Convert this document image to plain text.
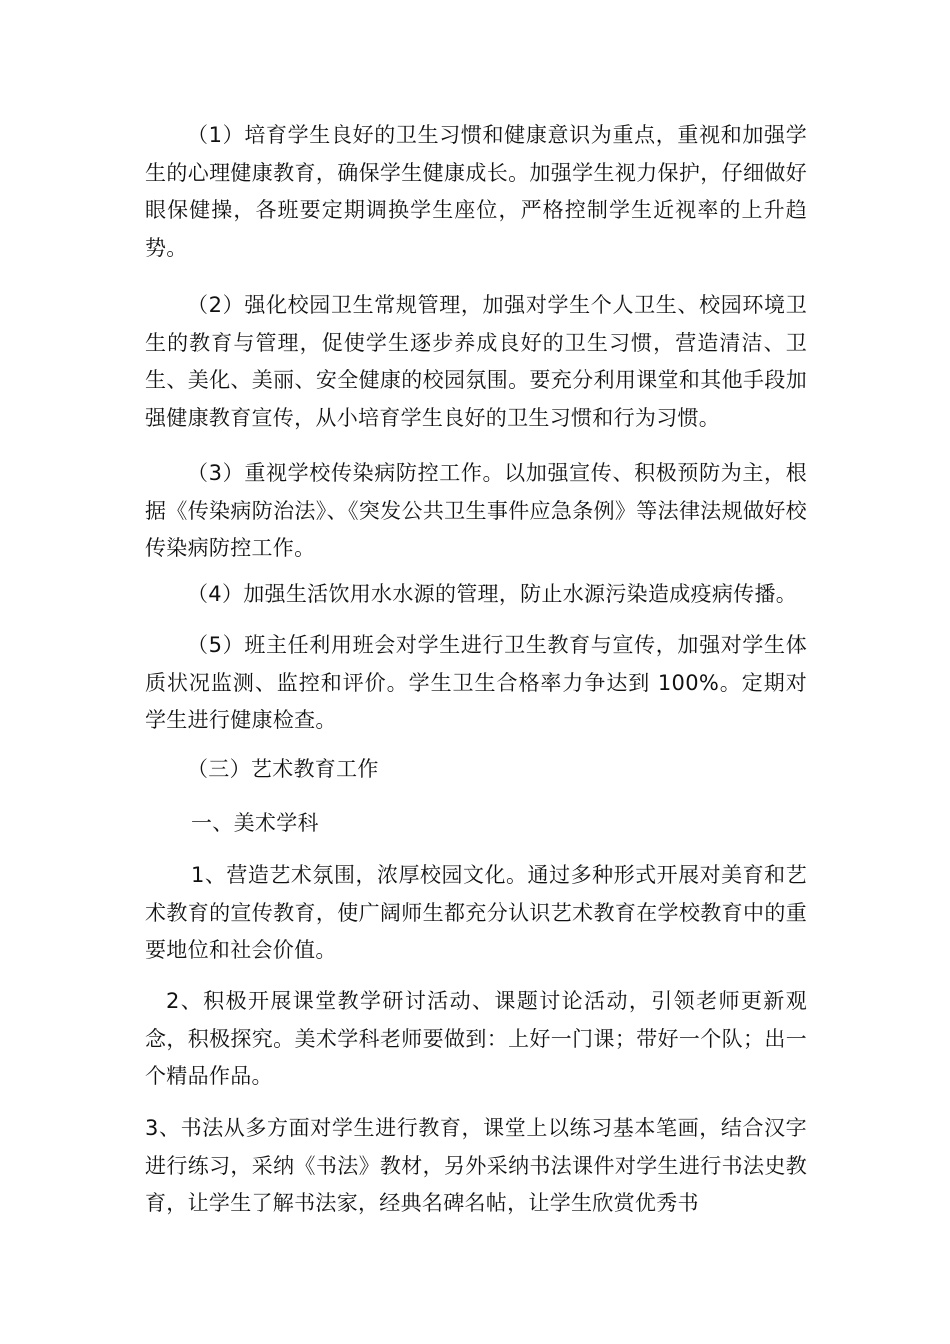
（1）培育学生良好的卫生习惯和健康意识为重点，重视和加强学生的心理健康教育，确保学生健康成长。加强学生视力保护，仔细做好眼保健操，各班要定期调换学生座位，严格控制学生近视率的上升趋势。

（2）强化校园卫生常规管理，加强对学生个人卫生、校园环境卫生的教育与管理，促使学生逐步养成良好的卫生习惯，营造清洁、卫生、美化、美丽、安全健康的校园氛围。要充分利用课堂和其他手段加强健康教育宣传，从小培育学生良好的卫生习惯和行为习惯。

（3）重视学校传染病防控工作。以加强宣传、积极预防为主，根据《传染病防治法》、《突发公共卫生事件应急条例》等法律法规做好校传染病防控工作。

（4）加强生活饮用水水源的管理，防止水源污染造成疫病传播。

（5）班主任利用班会对学生进行卫生教育与宣传，加强对学生体质状况监测、监控和评价。学生卫生合格率力争达到 100%。定期对学生进行健康检查。

（三）艺术教育工作

一、美术学科

1、营造艺术氛围，浓厚校园文化。通过多种形式开展对美育和艺术教育的宣传教育，使广阔师生都充分认识艺术教育在学校教育中的重要地位和社会价值。

2、积极开展课堂教学研讨活动、课题讨论活动，引领老师更新观念，积极探究。美术学科老师要做到：上好一门课；带好一个队；出一个精品作品。

3、书法从多方面对学生进行教育，课堂上以练习基本笔画，结合汉字进行练习，采纳《书法》教材，另外采纳书法课件对学生进行书法史教育，让学生了解书法家，经典名碑名帖，让学生欣赏优秀书
